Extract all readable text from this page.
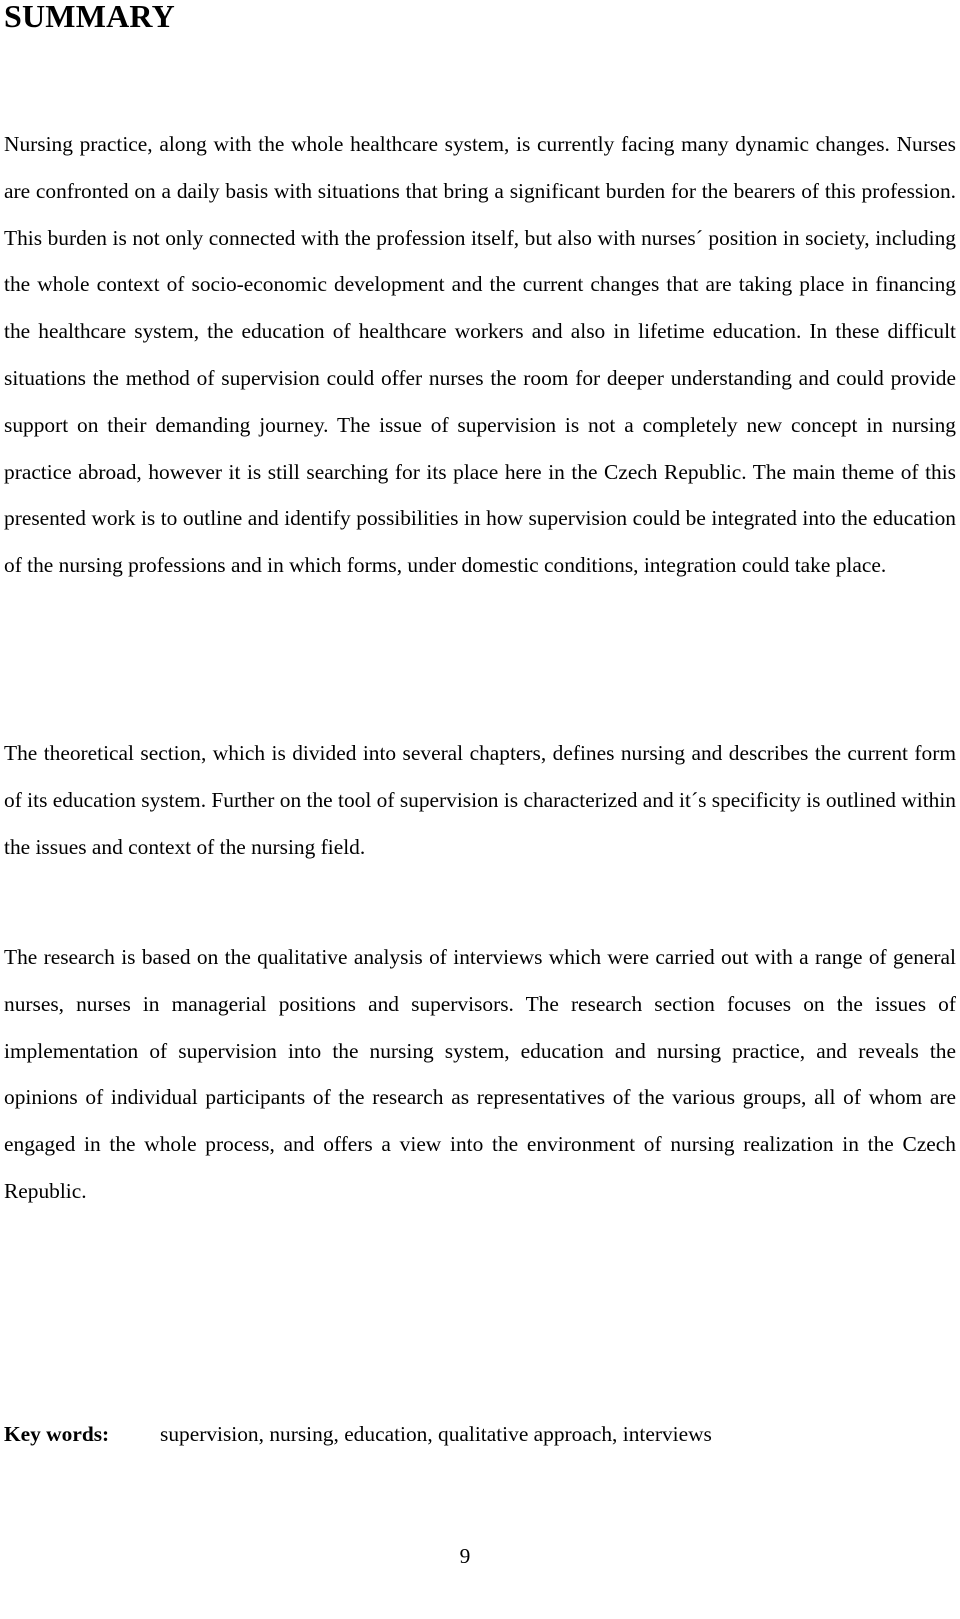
SUMMARY

Nursing practice, along with the whole healthcare system, is currently facing many dynamic changes. Nurses are confronted on a daily basis with situations that bring a significant burden for the bearers of this profession. This burden is not only connected with the profession itself, but also with nurses´ position in society, including the whole context of socio-economic development and the current changes that are taking place in financing the healthcare system, the education of healthcare workers and also in lifetime education. In these difficult situations the method of supervision could offer nurses the room for deeper understanding and could provide support on their demanding journey. The issue of supervision is not a completely new concept in nursing practice abroad, however it is still searching for its place here in the Czech Republic. The main theme of this presented work is to outline and identify possibilities in how supervision could be integrated into the education of the nursing professions and in which forms, under domestic conditions, integration could take place.

The theoretical section, which is divided into several chapters, defines nursing and describes the current form of its education system. Further on the tool of supervision is characterized and it´s specificity is outlined within the issues and context of the nursing field.

The research is based on the qualitative analysis of interviews which were carried out with a range of general nurses, nurses in managerial positions and supervisors. The research section focuses on the issues of implementation of supervision into the nursing system, education and nursing practice, and reveals the opinions of individual participants of the research as representatives of the various groups, all of whom are engaged in the whole process, and offers a view into the environment of nursing realization in the Czech Republic.

Key words: supervision, nursing, education, qualitative approach, interviews

9
